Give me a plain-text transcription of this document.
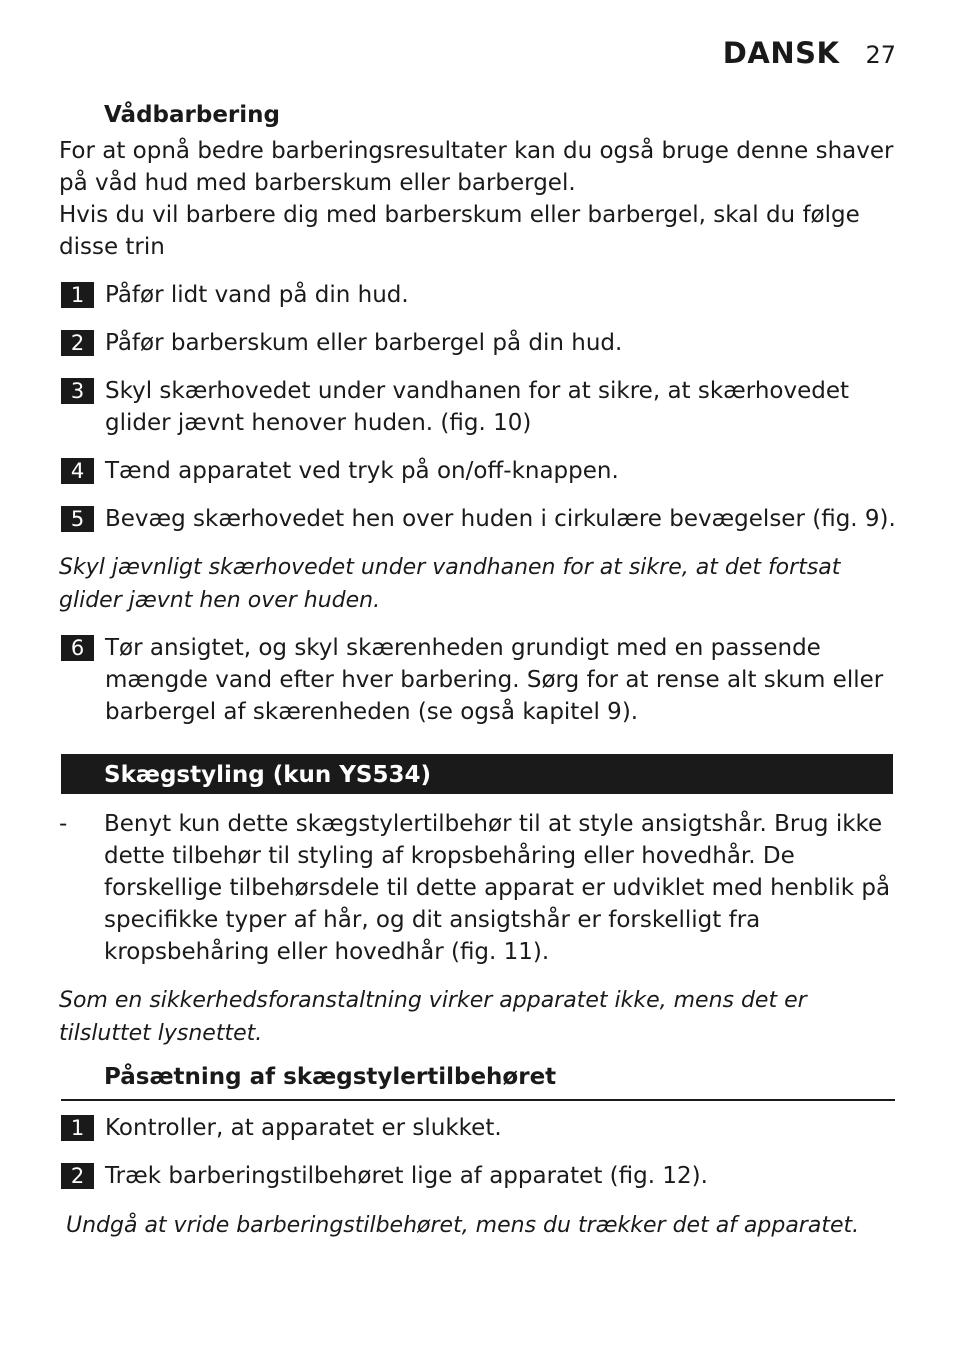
DANSK 27
Vådbarbering

For at opnå bedre barberingsresultater kan du også bruge denne shaver på våd hud med barberskum eller barbergel.

Hvis du vil barbere dig med barberskum eller barbergel, skal du følge disse trin

1 Påfør lidt vand på din hud.
2 Påfør barberskum eller barbergel på din hud.
3 Skyl skærhovedet under vandhanen for at sikre, at skærhovedet glider jævnt henover huden. (fig. 10)
4 Tænd apparatet ved tryk på on/off-knappen.
5 Bevæg skærhovedet hen over huden i cirkulære bevægelser (fig. 9).
Skyl jævnligt skærhovedet under vandhanen for at sikre, at det fortsat glider jævnt hen over huden.
6 Tør ansigtet, og skyl skærenheden grundigt med en passende mængde vand efter hver barbering. Sørg for at rense alt skum eller barbergel af skærenheden (se også kapitel 9).
Skægstyling (kun YS534)
- Benyt kun dette skægstylertilbehør til at style ansigtshår. Brug ikke dette tilbehør til styling af kropsbehåring eller hovedhår. De forskellige tilbehørsdele til dette apparat er udviklet med henblik på specifikke typer af hår, og dit ansigtshår er forskelligt fra kropsbehåring eller hovedhår (fig. 11).
Som en sikkerhedsforanstaltning virker apparatet ikke, mens det er tilsluttet lysnettet.
Påsætning af skægstylertilbehøret
1 Kontroller, at apparatet er slukket.
2 Træk barberingstilbehøret lige af apparatet (fig. 12).
Undgå at vride barberingstilbehøret, mens du trækker det af apparatet.
